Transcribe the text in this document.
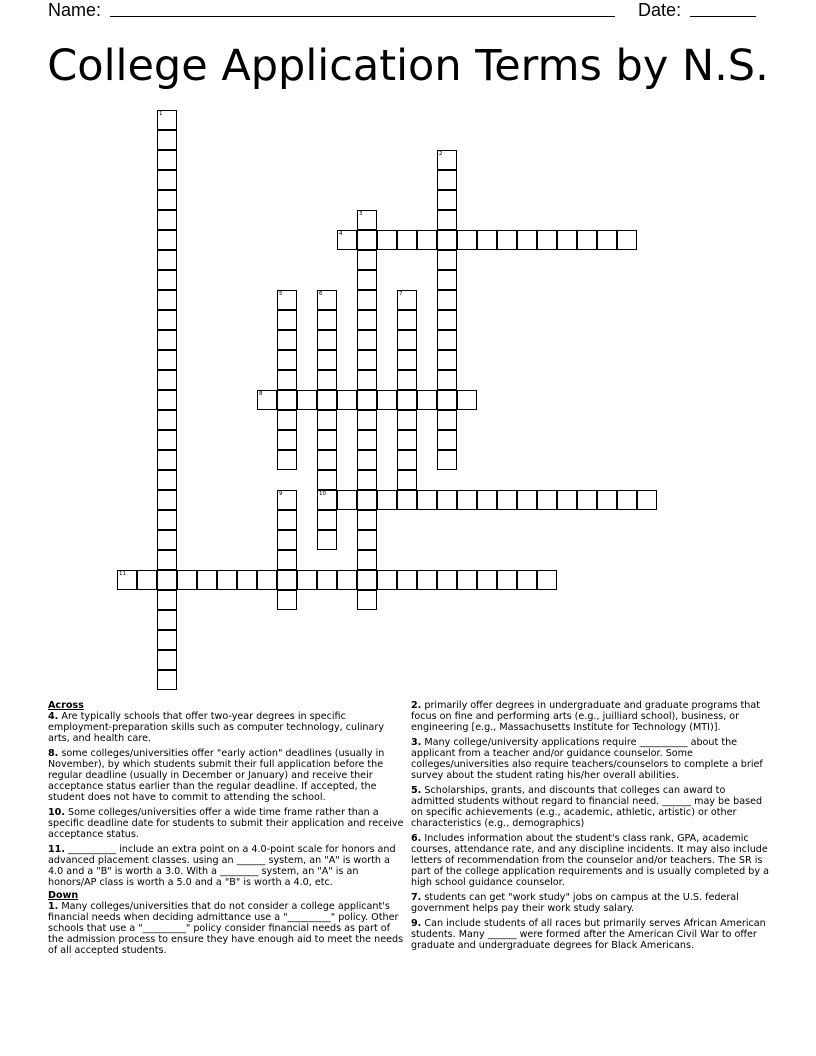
Name:	Date:
College Application Terms by N.S.
1
2
3
4
5	6
10
7
8
9
11

Across

4. Are typically schools that offer two-year degrees in specific employment-preparation skills such as computer technology, culinary arts, and health care.

8. some colleges/universities offer "early action" deadlines (usually in November), by which students submit their full application before the regular deadline (usually in December or January) and receive their acceptance status earlier than the regular deadline. If accepted, the student does not have to commit to attending the school.

10. Some colleges/universities offer a wide time frame rather than a specific deadline date for students to submit their application and receive acceptance status.

11. __________ include an extra point on a 4.0-point scale for honors and advanced placement classes. using an ______ system, an "A" is worth a 4.0 and a "B" is worth a 3.0. With a ________ system, an "A" is an honors/AP class is worth a 5.0 and a "B" is worth a 4.0, etc.

Down

1. Many colleges/universities that do not consider a college applicant's financial needs when deciding admittance use a "_________" policy. Other schools that use a "_________" policy consider financial needs as part of the admission process to ensure they have enough aid to meet the needs of all accepted students.

2. primarily offer degrees in undergraduate and graduate programs that focus on fine and performing arts (e.g., juilliard school), business, or engineering [e.g., Massachusetts Institute for Technology (MTI)].

3. Many college/university applications require __________ about the applicant from a teacher and/or guidance counselor. Some colleges/universities also require teachers/counselors to complete a brief survey about the student rating his/her overall abilities.

5. Scholarships, grants, and discounts that colleges can award to admitted students without regard to financial need. ______ may be based on specific achievements (e.g., academic, athletic, artistic) or other characteristics (e.g., demographics)

6. Includes information about the student's class rank, GPA, academic courses, attendance rate, and any discipline incidents. It may also include letters of recommendation from the counselor and/or teachers. The SR is part of the college application requirements and is usually completed by a high school guidance counselor.

7. students can get "work study" jobs on campus at the U.S. federal government helps pay their work study salary.

9. Can include students of all races but primarily serves African American students. Many ______ were formed after the American Civil War to offer graduate and undergraduate degrees for Black Americans.
